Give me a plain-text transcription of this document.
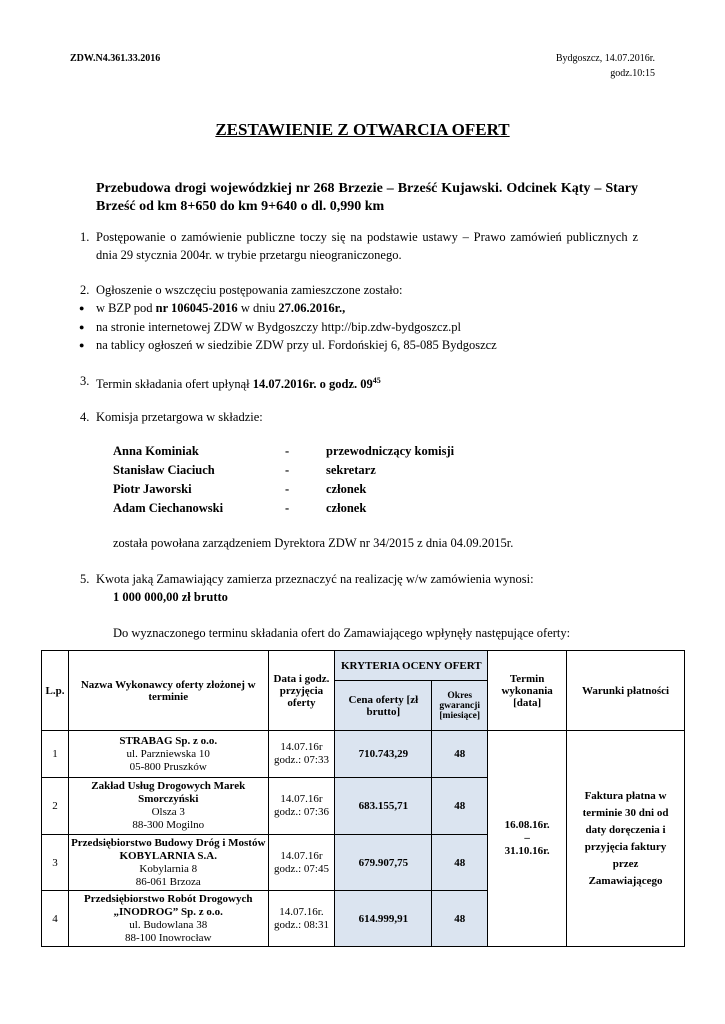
ZDW.N4.361.33.2016	Bydgoszcz, 14.07.2016r.
godz.10:15
ZESTAWIENIE Z OTWARCIA OFERT
Przebudowa drogi wojewódzkiej nr 268 Brzezie – Brześć Kujawski. Odcinek Kąty – Stary Brześć od km 8+650 do km 9+640 o dl. 0,990 km
1. Postępowanie o zamówienie publiczne toczy się na podstawie ustawy – Prawo zamówień publicznych z dnia 29 stycznia 2004r. w trybie przetargu nieograniczonego.
2. Ogłoszenie o wszczęciu postępowania zamieszczone zostało:
● w BZP pod nr 106045-2016 w dniu 27.06.2016r.,
● na stronie internetowej ZDW w Bydgoszczy http://bip.zdw-bydgoszcz.pl
● na tablicy ogłoszeń w siedzibie ZDW przy ul. Fordońskiej 6, 85-085 Bydgoszcz
3. Termin składania ofert upłynął 14.07.2016r. o godz. $09^{45}$
4. Komisja przetargowa w składzie:
Anna Kominiak	-	przewodniczący komisji
Stanisław Ciaciuch	-	sekretarz
Piotr Jaworski	-	członek
Adam Ciechanowski	-	członek
została powołana zarządzeniem Dyrektora ZDW nr 34/2015 z dnia 04.09.2015r.
5. Kwota jaką Zamawiający zamierza przeznaczyć na realizację w/w zamówienia wynosi:
1 000 000,00 zł brutto
Do wyznaczonego terminu składania ofert do Zamawiającego wpłynęły następujące oferty:
L.p.	Nazwa Wykonawcy oferty złożonej w terminie	Data i godz. przyjęcia oferty	KRYTERIA OCENY OFERT		Termin wykonania [data]	Warunki płatności
			Cena oferty [zł brutto]	Okres gwarancji [miesiące]		
1	STRABAG Sp. z o.o.
ul. Parzniewska 10
05-800 Pruszków	14.07.16r
godz.: 07:33	710.743,29	48	16.08.16r.
–
31.10.16r.	Faktura płatna w terminie 30 dni od daty doręczenia i przyjęcia faktury przez Zamawiającego
2	Zakład Usług Drogowych Marek Smorczyński
Olsza 3
88-300 Mogilno	14.07.16r
godz.: 07:36	683.155,71	48		
3	Przedsiębiorstwo Budowy Dróg i Mostów KOBYLARNIA S.A.
Kobylarnia 8
86-061 Brzoza	14.07.16r
godz.: 07:45	679.907,75	48		
4	Przedsiębiorstwo Robót Drogowych „INODROG” Sp. z o.o.
ul. Budowlana 38
88-100 Inowrocław	14.07.16r.
godz.: 08:31	614.999,91	48		
